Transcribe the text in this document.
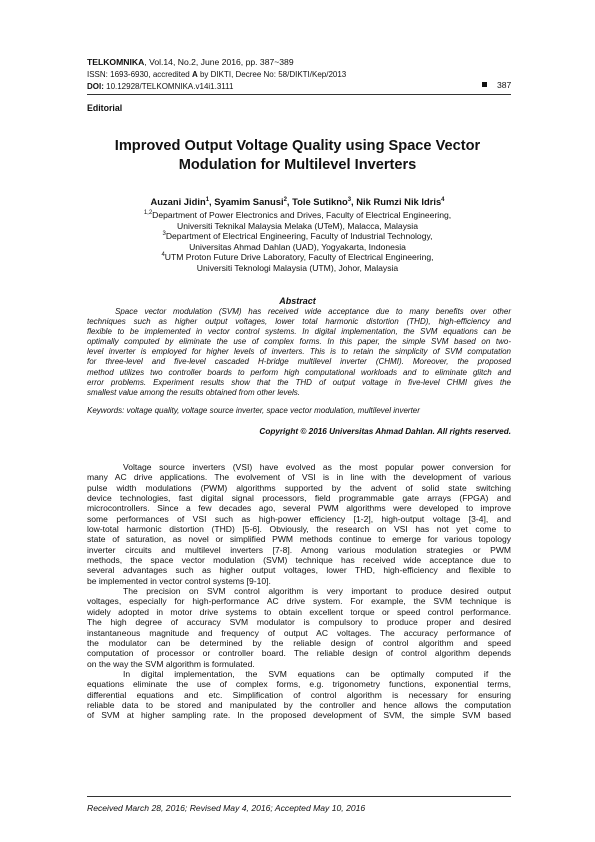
TELKOMNIKA, Vol.14, No.2, June 2016, pp. 387~389
ISSN: 1693-6930, accredited A by DIKTI, Decree No: 58/DIKTI/Kep/2013
DOI: 10.12928/TELKOMNIKA.v14i1.3111	387
Editorial
Improved Output Voltage Quality using Space Vector
Modulation for Multilevel Inverters
Auzani Jidin$^1$, Syamim Sanusi$^2$, Tole Sutikno$^3$, Nik Rumzi Nik Idris$^4$
$^{1,2}$Department of Power Electronics and Drives, Faculty of Electrical Engineering,
Universiti Teknikal Malaysia Melaka (UTeM), Malacca, Malaysia
$^3$Department of Electrical Engineering, Faculty of Industrial Technology,
Universitas Ahmad Dahlan (UAD), Yogyakarta, Indonesia
$^4$UTM Proton Future Drive Laboratory, Faculty of Electrical Engineering,
Universiti Teknologi Malaysia (UTM), Johor, Malaysia
Abstract
Space vector modulation (SVM) has received wide acceptance due to many benefits over other
techniques such as higher output voltages, lower total harmonic distortion (THD), high-efficiency and
flexible to be implemented in vector control systems. In digital implementation, the SVM equations can be
optimally computed by eliminate the use of complex forms. In this paper, the simple SVM based on two-
level inverter is employed for higher levels of inverters. This is to retain the simplicity of SVM computation
for three-level and five-level cascaded H-bridge multilevel inverter (CHMI). Moreover, the proposed
method utilizes two controller boards to perform high computational workloads and to eliminate glitch and
error problems. Experiment results show that the THD of output voltage in five-level CHMI gives the
smallest value among the results obtained from other levels.
Keywords: voltage quality, voltage source inverter, space vector modulation, multilevel inverter
Copyright © 2016 Universitas Ahmad Dahlan. All rights reserved.
Voltage source inverters (VSI) have evolved as the most popular power conversion for
many AC drive applications. The evolvement of VSI is in line with the development of various
pulse width modulations (PWM) algorithms supported by the advent of solid state switching
device technologies, fast digital signal processors, field programmable gate arrays (FPGA) and
microcontrollers. Since a few decades ago, several PWM algorithms were developed to improve
some performances of VSI such as high-power efficiency [1-2], high-output voltage [3-4], and
low-total harmonic distortion (THD) [5-6]. Obviously, the research on VSI has not yet come to
state of saturation, as novel or simplified PWM methods continue to emerge for various topology
inverter circuits and multilevel inverters [7-8]. Among various modulation strategies or PWM
methods, the space vector modulation (SVM) technique has received wide acceptance due to
several advantages such as higher output voltages, lower THD, high-efficiency and flexible to
be implemented in vector control systems [9-10].
The precision on SVM control algorithm is very important to produce desired output
voltages, especially for high-performance AC drive system. For example, the SVM technique is
widely adopted in motor drive systems to obtain excellent torque or speed control performance.
The high degree of accuracy SVM modulator is compulsory to produce proper and desired
instantaneous magnitude and frequency of output AC voltages. The accuracy performance of
the modulator can be determined by the reliable design of control algorithm and speed
computation of processor or controller board. The reliable design of control algorithm depends
on the way the SVM algorithm is formulated.
In digital implementation, the SVM equations can be optimally computed if the
equations eliminate the use of complex forms, e.g. trigonometry functions, exponential terms,
differential equations and etc. Simplification of control algorithm is necessary for ensuring
reliable data to be stored and manipulated by the controller and hence allows the computation
of SVM at higher sampling rate. In the proposed development of SVM, the simple SVM based
Received March 28, 2016; Revised May 4, 2016; Accepted May 10, 2016
